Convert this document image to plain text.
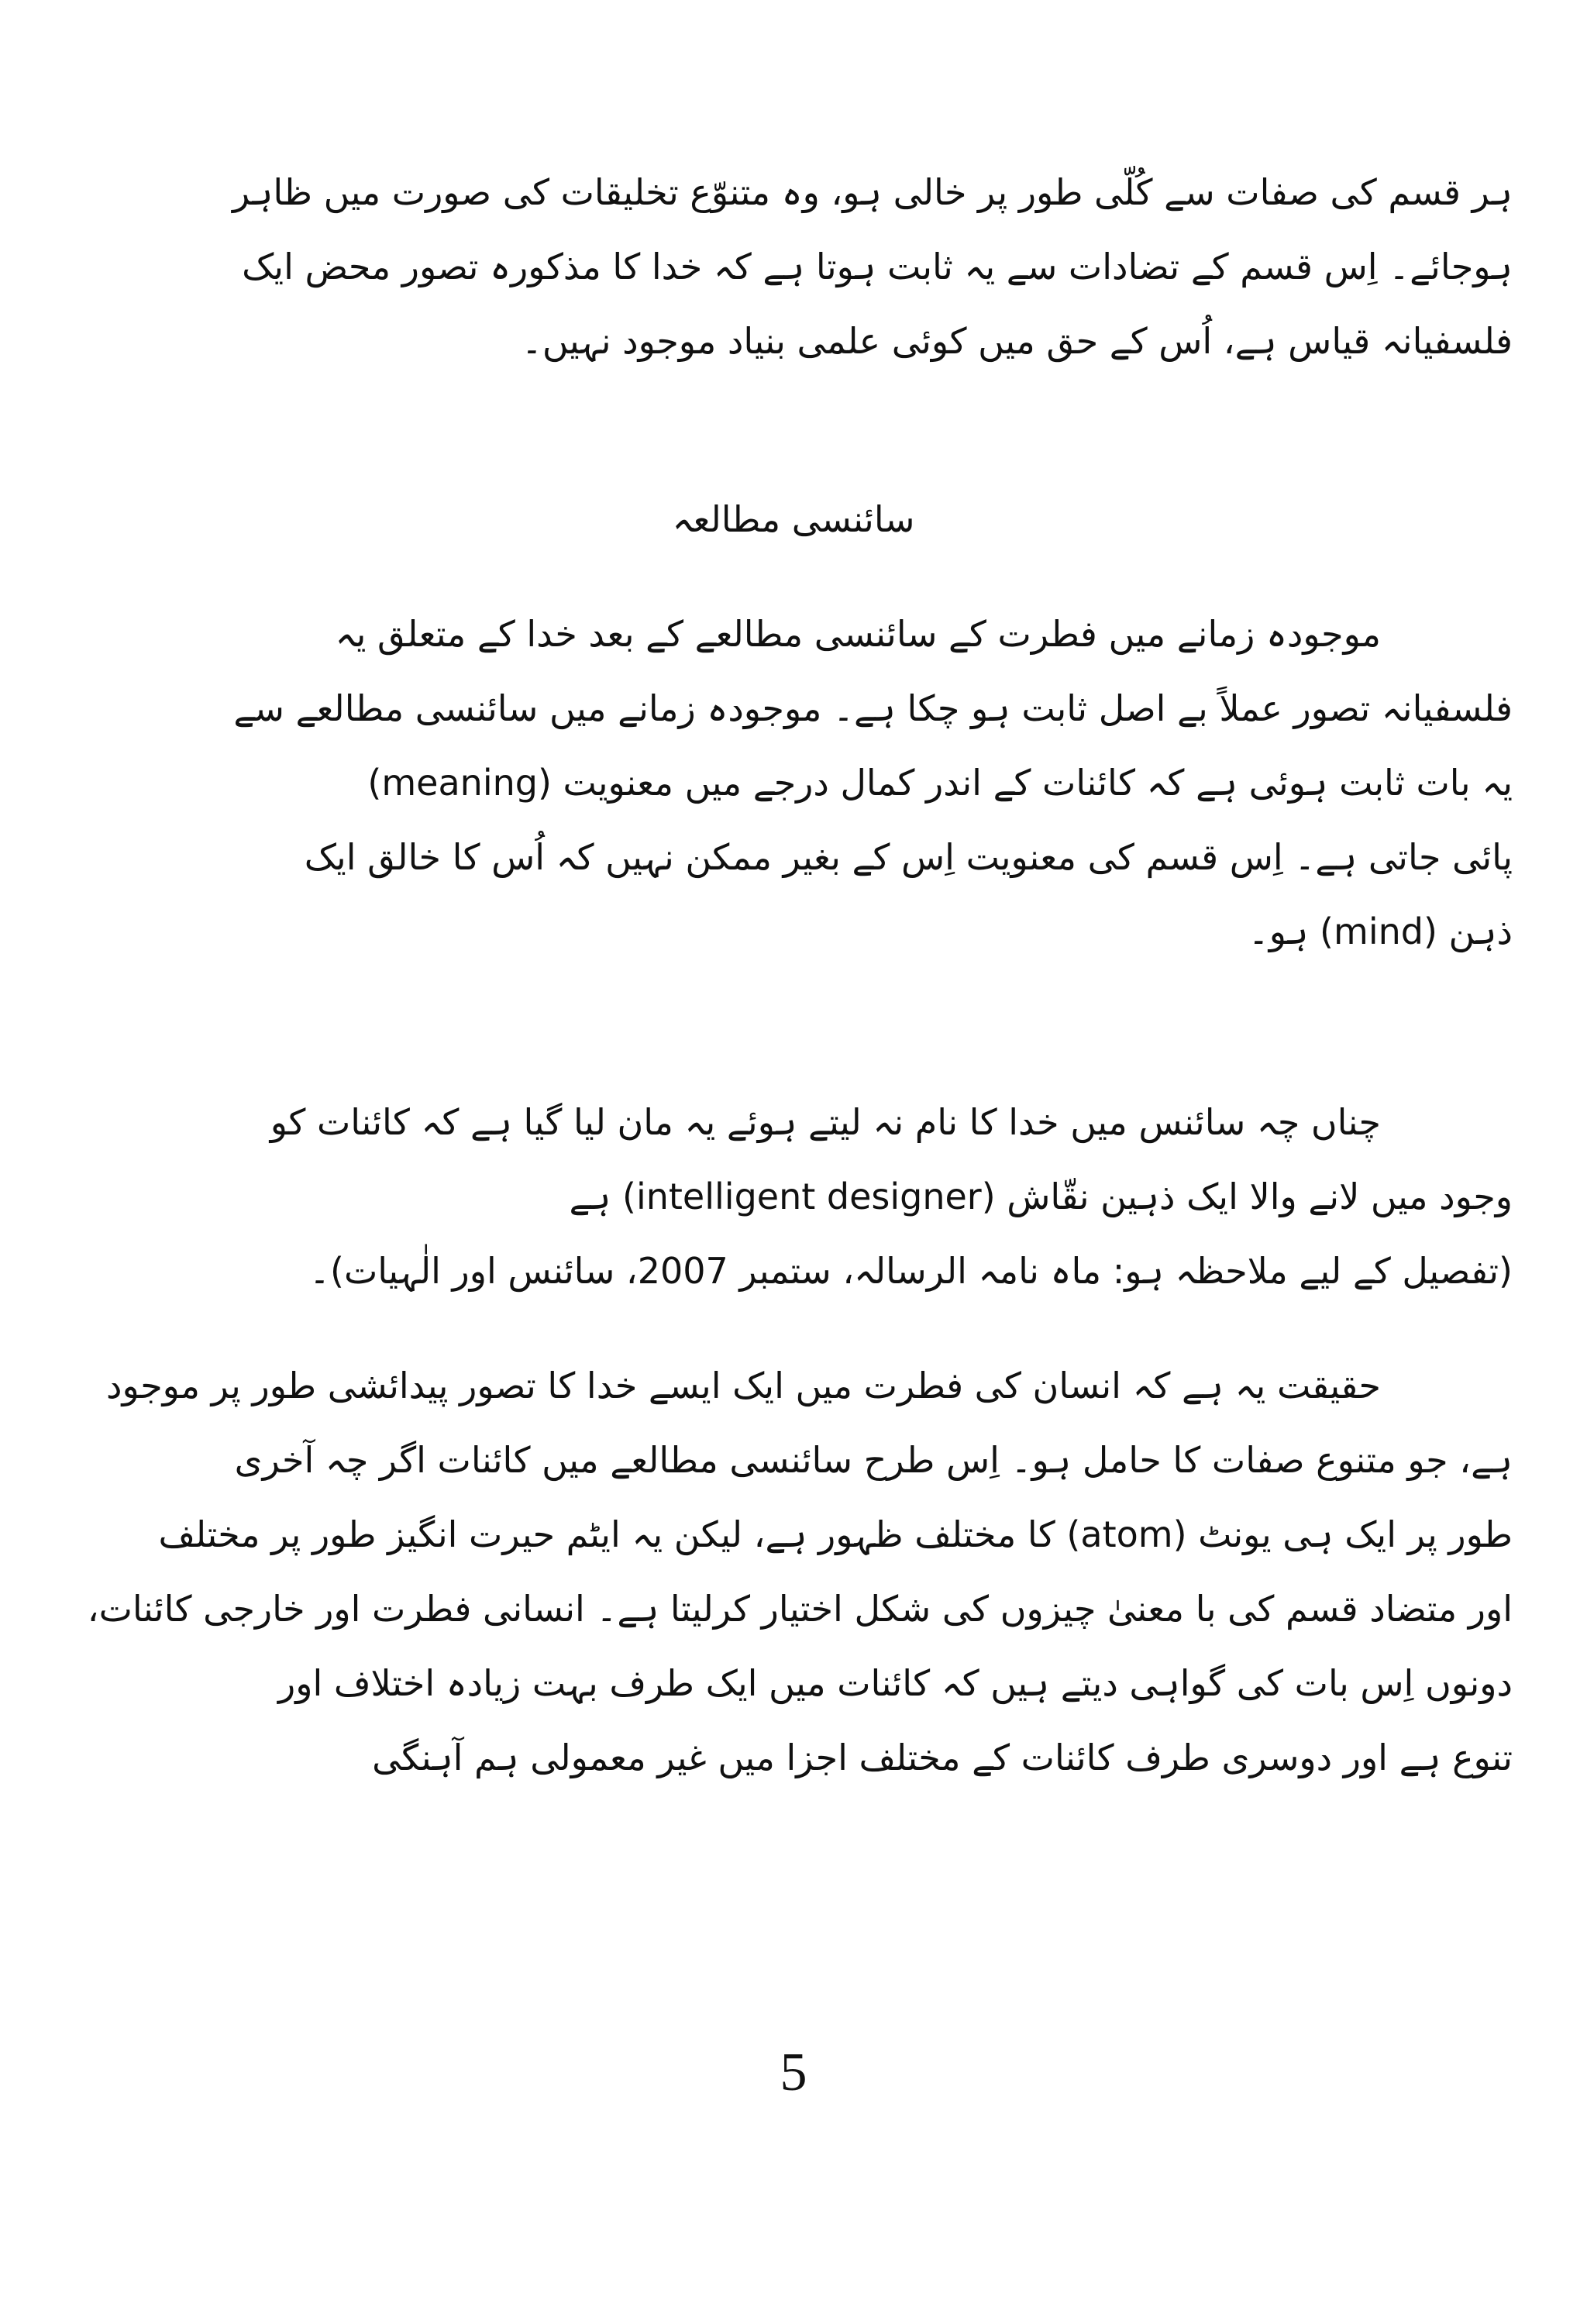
ہر قسم کی صفات سے کُلّی طور پر خالی ہو، وہ متنوّع تخلیقات کی صورت میں ظاہر
ہوجائے۔ اِس قسم کے تضادات سے یہ ثابت ہوتا ہے کہ خدا کا مذکورہ تصور محض ایک
فلسفیانہ قیاس ہے، اُس کے حق میں کوئی علمی بنیاد موجود نہیں۔
سائنسی مطالعہ
موجودہ زمانے میں فطرت کے سائنسی مطالعے کے بعد خدا کے متعلق یہ
فلسفیانہ تصور عملاً بے اصل ثابت ہو چکا ہے۔ موجودہ زمانے میں سائنسی مطالعے سے
یہ بات ثابت ہوئی ہے کہ کائنات کے اندر کمال درجے میں معنویت (meaning)
پائی جاتی ہے۔ اِس قسم کی معنویت اِس کے بغیر ممکن نہیں کہ اُس کا خالق ایک
ذہن (mind) ہو۔
چناں چہ سائنس میں خدا کا نام نہ لیتے ہوئے یہ مان لیا گیا ہے کہ کائنات کو
وجود میں لانے والا ایک ذہین نقّاش (intelligent designer) ہے
(تفصیل کے لیے ملاحظہ ہو: ماہ نامہ الرسالہ، ستمبر 2007، سائنس اور الٰہیات)۔
حقیقت یہ ہے کہ انسان کی فطرت میں ایک ایسے خدا کا تصور پیدائشی طور پر موجود
ہے، جو متنوع صفات کا حامل ہو۔ اِس طرح سائنسی مطالعے میں کائنات اگر چہ آخری
طور پر ایک ہی یونٹ (atom) کا مختلف ظہور ہے، لیکن یہ ایٹم حیرت انگیز طور پر مختلف
اور متضاد قسم کی با معنیٰ چیزوں کی شکل اختیار کرلیتا ہے۔ انسانی فطرت اور خارجی کائنات،
دونوں اِس بات کی گواہی دیتے ہیں کہ کائنات میں ایک طرف بہت زیادہ اختلاف اور
تنوع ہے اور دوسری طرف کائنات کے مختلف اجزا میں غیر معمولی ہم آہنگی
5
